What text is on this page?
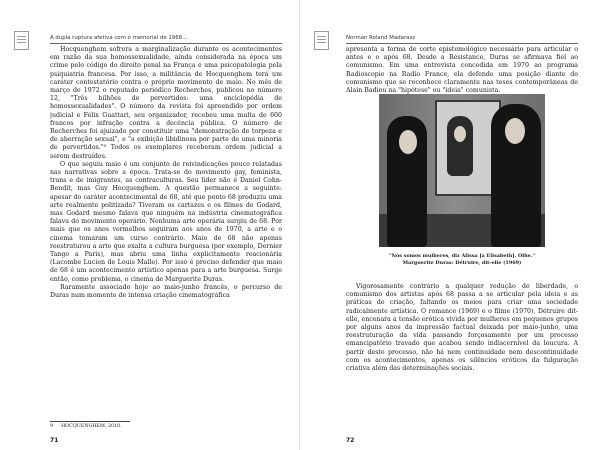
A dupla ruptura afetiva com o memorial de 1968...

Hocquenghem sofrera a marginalização durante os acontecimentos em razão da sua homossexualidade, ainda considerada na época um crime pelo código do direito penal na França e uma psicopatologia pela psiquiatria francesa. Por isso, a militância de Hocquenghem terá um caráter contestatório contra o próprio movimento de maio. No mês de março de 1972 o reputado periódico Recherches, publicou no número 12, "Três bilhões de pervertidos: uma enciclopédia de homossexualidades". O número da revista foi apreendido por ordem judicial e Félix Guattari, seu organizador, recebeu uma multa de 600 francos por infração contra a decência pública. O número de Recherches foi ajuizado por constituir uma "demonstração de torpeza e de aberração sexual", e "a exibição libidinosa por parte de uma minoria de pervertidos."⁹ Todos os exemplares receberam ordem judicial a serem destruídos.

O que seguiu maio é um conjunto de reivindicações pouco relatadas nas narrativas sobre a época. Trata-se do movimento gay, feminista, trans e de imigrantes, as contraculturas. Seu líder não é Daniel Cohn-Bendit, mas Guy Hocquenghem. A questão permanece a seguinte: apesar do caráter acontecimental de 68, até que ponto 68 produziu uma arte realmente politizada? Tiveram os cartazes e os filmes de Godard, mas Godard mesmo falava que ninguém na indústria cinematográfica falava do movimento operário. Nenhuma arte operária surgiu de 68. Por mais que os anos vermelhos seguiram aos anos de 1970, a arte e o cinema tomaram um curso contrário. Maio de 68 não apenas reestruturou a arte que exalta a cultura burguesa (por exemplo, Dernier Tango a Paris), mas abriu uma linha explicitamente reacionária (Lacombe Lucien de Louis Malle). Por isso é preciso defender que maio de 68 é um acontecimento artístico apenas para a arte burguesa. Surge então, como problema, o cinema de Marguerite Duras.

Raramente associado hoje ao maio-junho francês, o percurso de Duras num momento de intensa criação cinematográfica

9 HOCQUENGHEM, 2010.
71
Norman Roland Madarasz

apresenta a forma de corte epistemológico necessário para articular o antes e o após 68. Desde a Résistance, Duras se afirmava fiel ao comunismo. Em uma entrevista concedida em 1970 ao programa Radioscopie na Radio France, ela defende uma posição diante do comunismo que se reconhece claramente nas teses contemporâneas de Alain Badiou na "hipótese" ou "ideia" comunista.

"Nós somos mulheres, diz Alissa [a Elisabeth]. Olhe."

Marguerite Duras: Détruire, dit-elle (1969)

Vigorosamente contrário a qualquer redução de liberdade, o comunismo dos artistas após 68 passa a se articular pela ideia e as práticas de criação, faltando os meios para criar uma sociedade radicalmente artística. O romance (1969) e o filme (1970), Détruire dit-elle, encenara a tensão erótica vivida por mulheres em pequenos grupos por alguns anos da impressão factual deixada por maio-junho, uma reestruturação da vida passando forçosamente por um processo emancipatório travado que acabou sendo indiscernível da loucura. A partir deste processo, não há nem continuidade nem descontinuidade com os acontecimentos, apenas os silêncios eróticos da fulguração criativa além das determinações sociais.

72
